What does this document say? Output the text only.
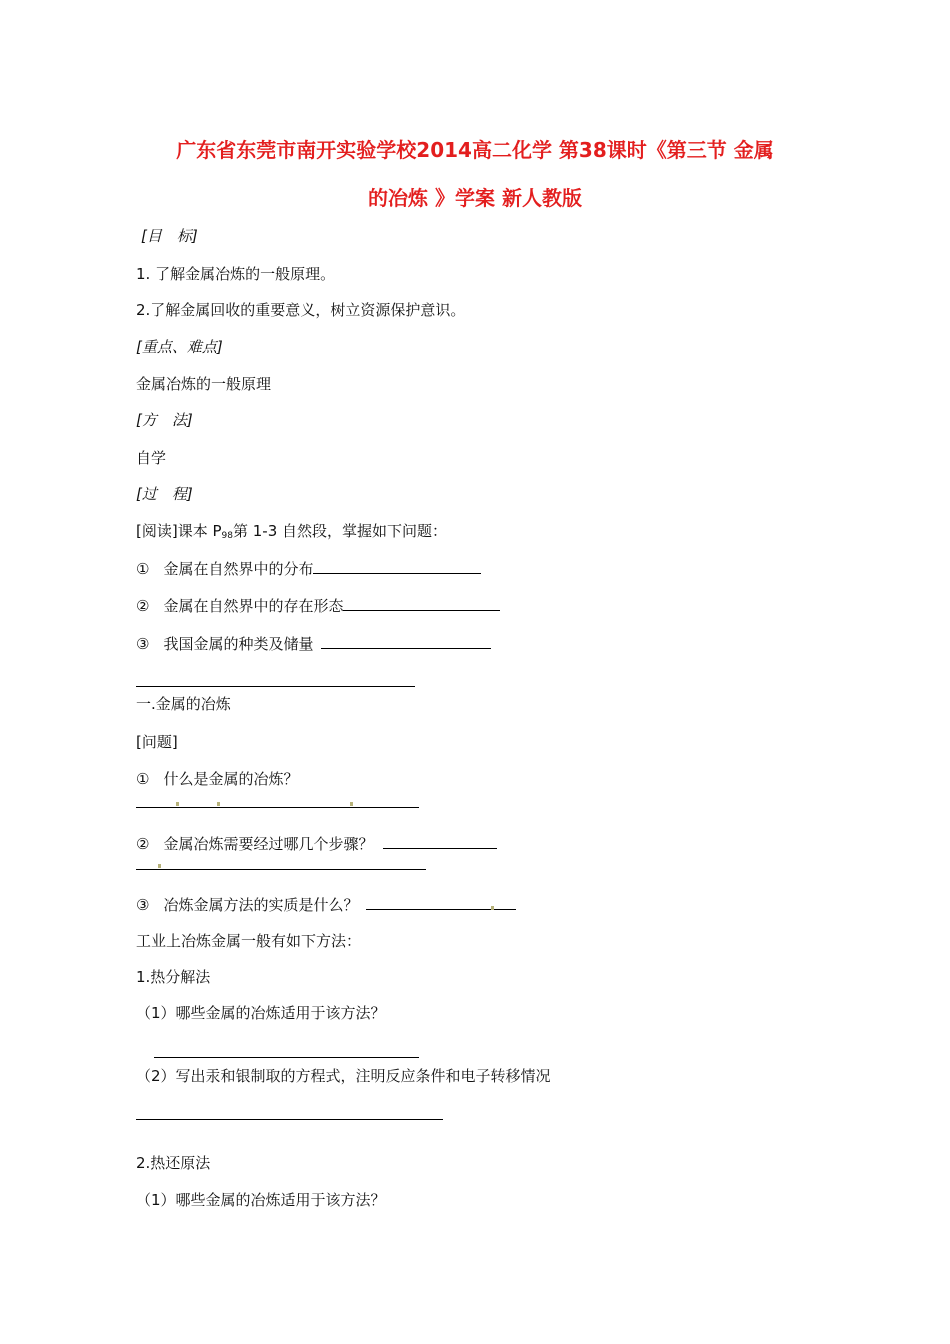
广东省东莞市南开实验学校2014高二化学 第38课时《第三节 金属
的冶炼 》学案 新人教版
[目　标]
1. 了解金属冶炼的一般原理。
2.了解金属回收的重要意义，树立资源保护意识。
[重点、难点]
金属冶炼的一般原理
[方　法]
自学
[过　程]
[阅读]课本 $P_{98}$第 1-3 自然段，掌握如下问题：
① 金属在自然界中的分布
② 金属在自然界中的存在形态
③ 我国金属的种类及储量
一.金属的冶炼
[问题]
① 什么是金属的冶炼？
② 金属冶炼需要经过哪几个步骤？
③ 冶炼金属方法的实质是什么？
工业上冶炼金属一般有如下方法：
1.热分解法
（1）哪些金属的冶炼适用于该方法？
（2）写出汞和银制取的方程式，注明反应条件和电子转移情况
2.热还原法
（1）哪些金属的冶炼适用于该方法？
